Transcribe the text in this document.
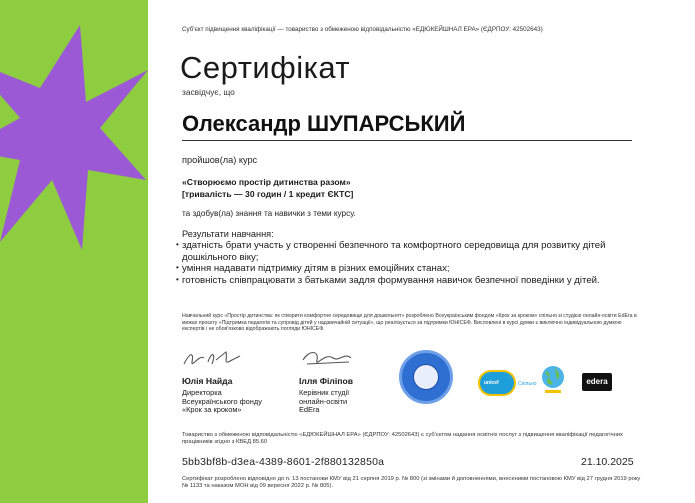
Суб'єкт підвищення кваліфікації — товариство з обмеженою відповідальністю «ЕДЮКЕЙШНАЛ ЕРА» (ЄДРПОУ: 42502643)
Сертифікат
засвідчує, що
Олександр ШУПАРСЬКИЙ
пройшов(ла) курс
«Створюємо простір дитинства разом»
[тривалість — 30 годин / 1 кредит ЄКТС]
та здобув(ла) знання та навички з теми курсу.
Результати навчання:
• здатність брати участь у створенні безпечного та комфортного середовища для розвитку дітей дошкільного віку;
• уміння надавати підтримку дітям в різних емоційних станах;
• готовність співпрацювати з батьками задля формування навичок безпечної поведінки у дітей.
Навчальний курс «Простір дитинства: як створити комфортне середовище для дошкільнят» розроблено Всеукраїнським фондом «Крок за кроком» спільно зі студією онлайн-освіти EdEra в межах проєкту «Підтримка педагогів та супровід дітей у надзвичайній ситуації», що реалізується за підтримки ЮНІСЕФ. Висловлені в курсі думки є виключно індивідуальною думкою експертів і не обов'язково відображають погляди ЮНІСЕФ.
Юлія Найда
Директорка
Всеукраїнського фонду
«Крок за кроком»
Ілля Філіпов
Керівник студії
онлайн-освіти
EdEra
unicef	Спільно	edera
Товариство з обмеженою відповідальністю «ЕДЮКЕЙШНАЛ ЕРА» (ЄДРПОУ: 42502643) є суб'єктом надання освітніх послуг з підвищення кваліфікації педагогічних працівників згідно з КВЕД 85.60
5bb3bf8b-d3ea-4389-8601-2f880132850a	21.10.2025
Сертифікат розроблено відповідно до п. 13 постанови КМУ від 21 серпня 2019 р. № 800 (зі змінами й доповненнями, внесеними постановою КМУ від 27 грудня 2019 року № 1133 та наказом МОН від 09 вересня 2022 р. № 805).
